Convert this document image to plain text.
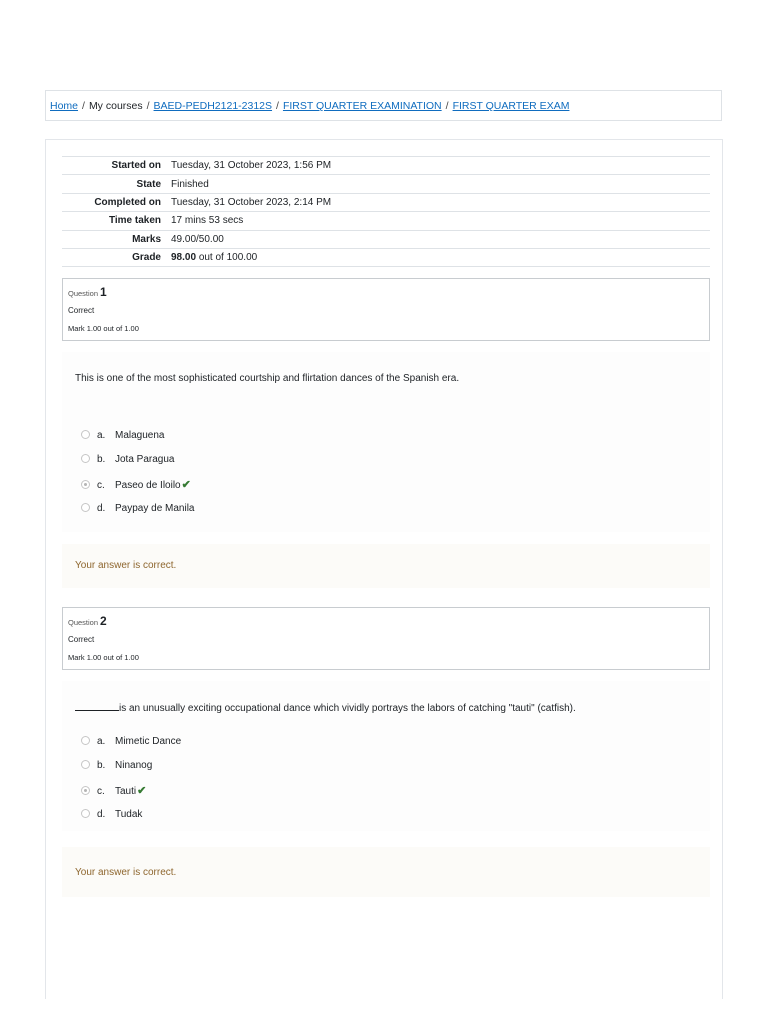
Home / My courses / BAED-PEDH2121-2312S / FIRST QUARTER EXAMINATION / FIRST QUARTER EXAM
Started on	Tuesday, 31 October 2023, 1:56 PM
State	Finished
Completed on	Tuesday, 31 October 2023, 2:14 PM
Time taken	17 mins 53 secs
Marks	49.00/50.00
Grade	98.00 out of 100.00
Question 1
Correct
Mark 1.00 out of 1.00
This is one of the most sophisticated courtship and flirtation dances of the Spanish era.
a. Malaguena
b. Jota Paragua
c. Paseo de Iloilo✔
d. Paypay de Manila
Your answer is correct.
Question 2
Correct
Mark 1.00 out of 1.00
is an unusually exciting occupational dance which vividly portrays the labors of catching "tauti" (catfish).
a. Mimetic Dance
b. Ninanog
c. Tauti✔
d. Tudak
Your answer is correct.
